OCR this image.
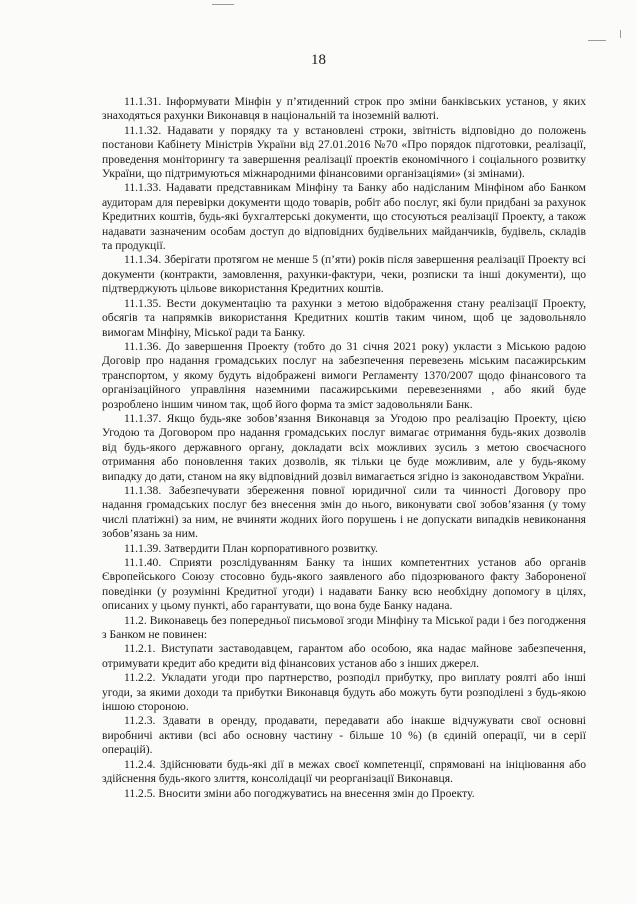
18

11.1.31. Інформувати Мінфін у п’ятиденний строк про зміни банківських установ, у яких знаходяться рахунки Виконавця в національній та іноземній валюті.

11.1.32. Надавати у порядку та у встановлені строки, звітність відповідно до положень постанови Кабінету Міністрів України від 27.01.2016 №70 «Про порядок підготовки, реалізації, проведення моніторингу та завершення реалізації проектів економічного і соціального розвитку України, що підтримуються міжнародними фінансовими організаціями» (зі змінами).

11.1.33. Надавати представникам Мінфіну та Банку або надісланим Мінфіном або Банком аудиторам для перевірки документи щодо товарів, робіт або послуг, які були придбані за рахунок Кредитних коштів, будь-які бухгалтерські документи, що стосуються реалізації Проекту, а також надавати зазначеним особам доступ до відповідних будівельних майданчиків, будівель, складів та продукції.

11.1.34. Зберігати протягом не менше 5 (п’яти) років після завершення реалізації Проекту всі документи (контракти, замовлення, рахунки-фактури, чеки, розписки та інші документи), що підтверджують цільове використання Кредитних коштів.

11.1.35. Вести документацію та рахунки з метою відображення стану реалізації Проекту, обсягів та напрямків використання Кредитних коштів таким чином, щоб це задовольняло вимогам Мінфіну, Міської ради та Банку.

11.1.36. До завершення Проекту (тобто до 31 січня 2021 року) укласти з Міською радою Договір про надання громадських послуг на забезпечення перевезень міським пасажирським транспортом, у якому будуть відображені вимоги Регламенту 1370/2007 щодо фінансового та організаційного управління наземними пасажирськими перевезеннями , або який буде розроблено іншим чином так, щоб його форма та зміст задовольняли Банк.

11.1.37. Якщо будь-яке зобов’язання Виконавця за Угодою про реалізацію Проекту, цією Угодою та Договором про надання громадських послуг вимагає отримання будь-яких дозволів від будь-якого державного органу, докладати всіх можливих зусиль з метою своєчасного отримання або поновлення таких дозволів, як тільки це буде можливим, але у будь-якому випадку до дати, станом на яку відповідний дозвіл вимагається згідно із законодавством України.

11.1.38. Забезпечувати збереження повної юридичної сили та чинності Договору про надання громадських послуг без внесення змін до нього, виконувати свої зобов’язання (у тому числі платіжні) за ним, не вчиняти жодних його порушень і не допускати випадків невиконання зобов’язань за ним.

11.1.39. Затвердити План корпоративного розвитку.

11.1.40. Сприяти розслідуванням Банку та інших компетентних установ або органів Європейського Союзу стосовно будь-якого заявленого або підозрюваного факту Забороненої поведінки (у розумінні Кредитної угоди) і надавати Банку всю необхідну допомогу в цілях, описаних у цьому пункті, або гарантувати, що вона буде Банку надана.

11.2. Виконавець без попередньої письмової згоди Мінфіну та Міської ради і без погодження з Банком не повинен:

11.2.1. Виступати заставодавцем, гарантом або особою, яка надає майнове забезпечення, отримувати кредит або кредити від фінансових установ або з інших джерел.

11.2.2. Укладати угоди про партнерство, розподіл прибутку, про виплату роялті або інші угоди, за якими доходи та прибутки Виконавця будуть або можуть бути розподілені з будь-якою іншою стороною.

11.2.3. Здавати в оренду, продавати, передавати або інакше відчужувати свої основні виробничі активи (всі або основну частину - більше 10 %) (в єдиній операції, чи в серії операцій).

11.2.4. Здійснювати будь-які дії в межах своєї компетенції, спрямовані на ініціювання або здійснення будь-якого злиття, консолідації чи реорганізації Виконавця.

11.2.5. Вносити зміни або погоджуватись на внесення змін до Проекту.
